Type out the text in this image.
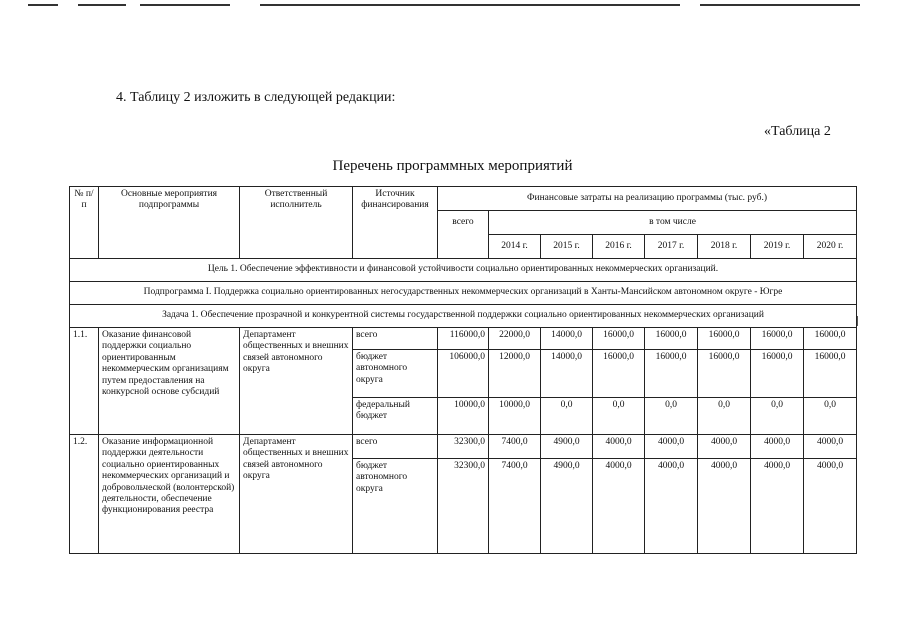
4. Таблицу 2 изложить в следующей редакции:
«Таблица 2
Перечень программных мероприятий
№ п/п	Основные мероприятия подпрограммы	Ответственный исполнитель	Источник финансирования	Финансовые затраты на реализацию программы (тыс. руб.)							
				всего	в том числе						
					2014 г.	2015 г.	2016 г.	2017 г.	2018 г.	2019 г.	2020 г.
Цель 1. Обеспечение эффективности и финансовой устойчивости социально ориентированных некоммерческих организаций.											
Подпрограмма I. Поддержка социально ориентированных негосударственных некоммерческих организаций в Ханты-Мансийском автономном округе - Югре											
Задача 1. Обеспечение прозрачной и конкурентной системы государственной поддержки социально ориентированных некоммерческих организаций											
1.1.	Оказание финансовой поддержки социально ориентированным некоммерческим организациям путем предоставления на конкурсной основе субсидий	Департамент общественных и внешних связей автономного округа	всего	116000,0	22000,0	14000,0	16000,0	16000,0	16000,0	16000,0	16000,0
			бюджет автономного округа	106000,0	12000,0	14000,0	16000,0	16000,0	16000,0	16000,0	16000,0
			федеральный бюджет	10000,0	10000,0	0,0	0,0	0,0	0,0	0,0	0,0
1.2.	Оказание информационной поддержки деятельности социально ориентированных некоммерческих организаций и добровольческой (волонтерской) деятельности, обеспечение функционирования реестра	Департамент общественных и внешних связей автономного округа	всего	32300,0	7400,0	4900,0	4000,0	4000,0	4000,0	4000,0	4000,0
			бюджет автономного округа	32300,0	7400,0	4900,0	4000,0	4000,0	4000,0	4000,0	4000,0
